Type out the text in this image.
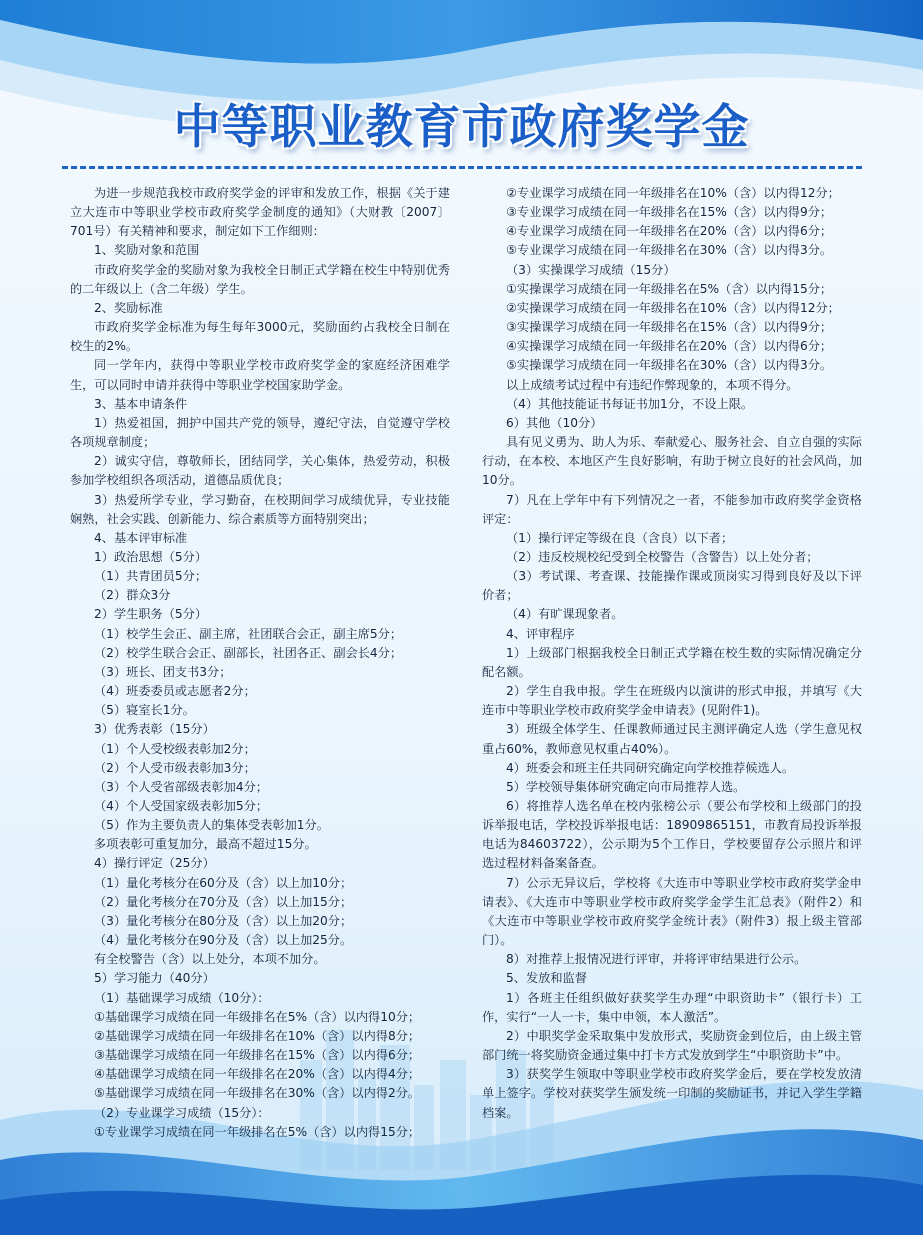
中等职业教育市政府奖学金

为进一步规范我校市政府奖学金的评审和发放工作，根据《关于建立大连市中等职业学校市政府奖学金制度的通知》（大财教〔2007〕701号）有关精神和要求，制定如下工作细则：

1、奖励对象和范围

市政府奖学金的奖励对象为我校全日制正式学籍在校生中特别优秀的二年级以上（含二年级）学生。

2、奖励标准

市政府奖学金标准为每生每年3000元，奖励面约占我校全日制在校生的2%。

同一学年内，获得中等职业学校市政府奖学金的家庭经济困难学生，可以同时申请并获得中等职业学校国家助学金。

3、基本申请条件

1）热爱祖国，拥护中国共产党的领导，遵纪守法，自觉遵守学校各项规章制度；

2）诚实守信，尊敬师长，团结同学，关心集体，热爱劳动，积极参加学校组织各项活动，道德品质优良；

3）热爱所学专业，学习勤奋，在校期间学习成绩优异，专业技能娴熟，社会实践、创新能力、综合素质等方面特别突出；

4、基本评审标准

1）政治思想（5分）

（1）共青团员5分；

（2）群众3分

2）学生职务（5分）

（1）校学生会正、副主席，社团联合会正，副主席5分；

（2）校学生联合会正、副部长，社团各正、副会长4分；

（3）班长、团支书3分；

（4）班委委员或志愿者2分；

（5）寝室长1分。

3）优秀表彰（15分）

（1）个人受校级表彰加2分；

（2）个人受市级表彰加3分；

（3）个人受省部级表彰加4分；

（4）个人受国家级表彰加5分；

（5）作为主要负责人的集体受表彰加1分。

多项表彰可重复加分，最高不超过15分。

4）操行评定（25分）

（1）量化考核分在60分及（含）以上加10分；

（2）量化考核分在70分及（含）以上加15分；

（3）量化考核分在80分及（含）以上加20分；

（4）量化考核分在90分及（含）以上加25分。

有全校警告（含）以上处分，本项不加分。

5）学习能力（40分）

（1）基础课学习成绩（10分）：

①基础课学习成绩在同一年级排名在5%（含）以内得10分；

②基础课学习成绩在同一年级排名在10%（含）以内得8分；

③基础课学习成绩在同一年级排名在15%（含）以内得6分；

④基础课学习成绩在同一年级排名在20%（含）以内得4分；

⑤基础课学习成绩在同一年级排名在30%（含）以内得2分。

（2）专业课学习成绩（15分）：

①专业课学习成绩在同一年级排名在5%（含）以内得15分；

②专业课学习成绩在同一年级排名在10%（含）以内得12分；

③专业课学习成绩在同一年级排名在15%（含）以内得9分；

④专业课学习成绩在同一年级排名在20%（含）以内得6分；

⑤专业课学习成绩在同一年级排名在30%（含）以内得3分。

（3）实操课学习成绩（15分）

①实操课学习成绩在同一年级排名在5%（含）以内得15分；

②实操课学习成绩在同一年级排名在10%（含）以内得12分；

③实操课学习成绩在同一年级排名在15%（含）以内得9分；

④实操课学习成绩在同一年级排名在20%（含）以内得6分；

⑤实操课学习成绩在同一年级排名在30%（含）以内得3分。

以上成绩考试过程中有违纪作弊现象的，本项不得分。

（4）其他技能证书每证书加1分，不设上限。

6）其他（10分）

具有见义勇为、助人为乐、奉献爱心、服务社会、自立自强的实际行动，在本校、本地区产生良好影响，有助于树立良好的社会风尚，加10分。

7）凡在上学年中有下列情况之一者，不能参加市政府奖学金资格评定：

（1）操行评定等级在良（含良）以下者；

（2）违反校规校纪受到全校警告（含警告）以上处分者；

（3）考试课、考查课、技能操作课或顶岗实习得到良好及以下评价者；

（4）有旷课现象者。

4、评审程序

1）上级部门根据我校全日制正式学籍在校生数的实际情况确定分配名额。

2）学生自我申报。学生在班级内以演讲的形式申报，并填写《大连市中等职业学校市政府奖学金申请表》(见附件1)。

3）班级全体学生、任课教师通过民主测评确定人选（学生意见权重占60%，教师意见权重占40%）。

4）班委会和班主任共同研究确定向学校推荐候选人。

5）学校领导集体研究确定向市局推荐人选。

6）将推荐人选名单在校内张榜公示（要公布学校和上级部门的投诉举报电话，学校投诉举报电话：18909865151，市教育局投诉举报电话为84603722），公示期为5个工作日，学校要留存公示照片和评选过程材料备案备查。

7）公示无异议后，学校将《大连市中等职业学校市政府奖学金申请表》、《大连市中等职业学校市政府奖学金学生汇总表》（附件2）和《大连市中等职业学校市政府奖学金统计表》（附件3）报上级主管部门）。

8）对推荐上报情况进行评审，并将评审结果进行公示。

5、发放和监督

1）各班主任组织做好获奖学生办理“中职资助卡”（银行卡）工作，实行“一人一卡，集中申领，本人激活”。

2）中职奖学金采取集中发放形式，奖励资金到位后，由上级主管部门统一将奖励资金通过集中打卡方式发放到学生“中职资助卡”中。

3）获奖学生领取中等职业学校市政府奖学金后，要在学校发放清单上签字。学校对获奖学生颁发统一印制的奖励证书，并记入学生学籍档案。
